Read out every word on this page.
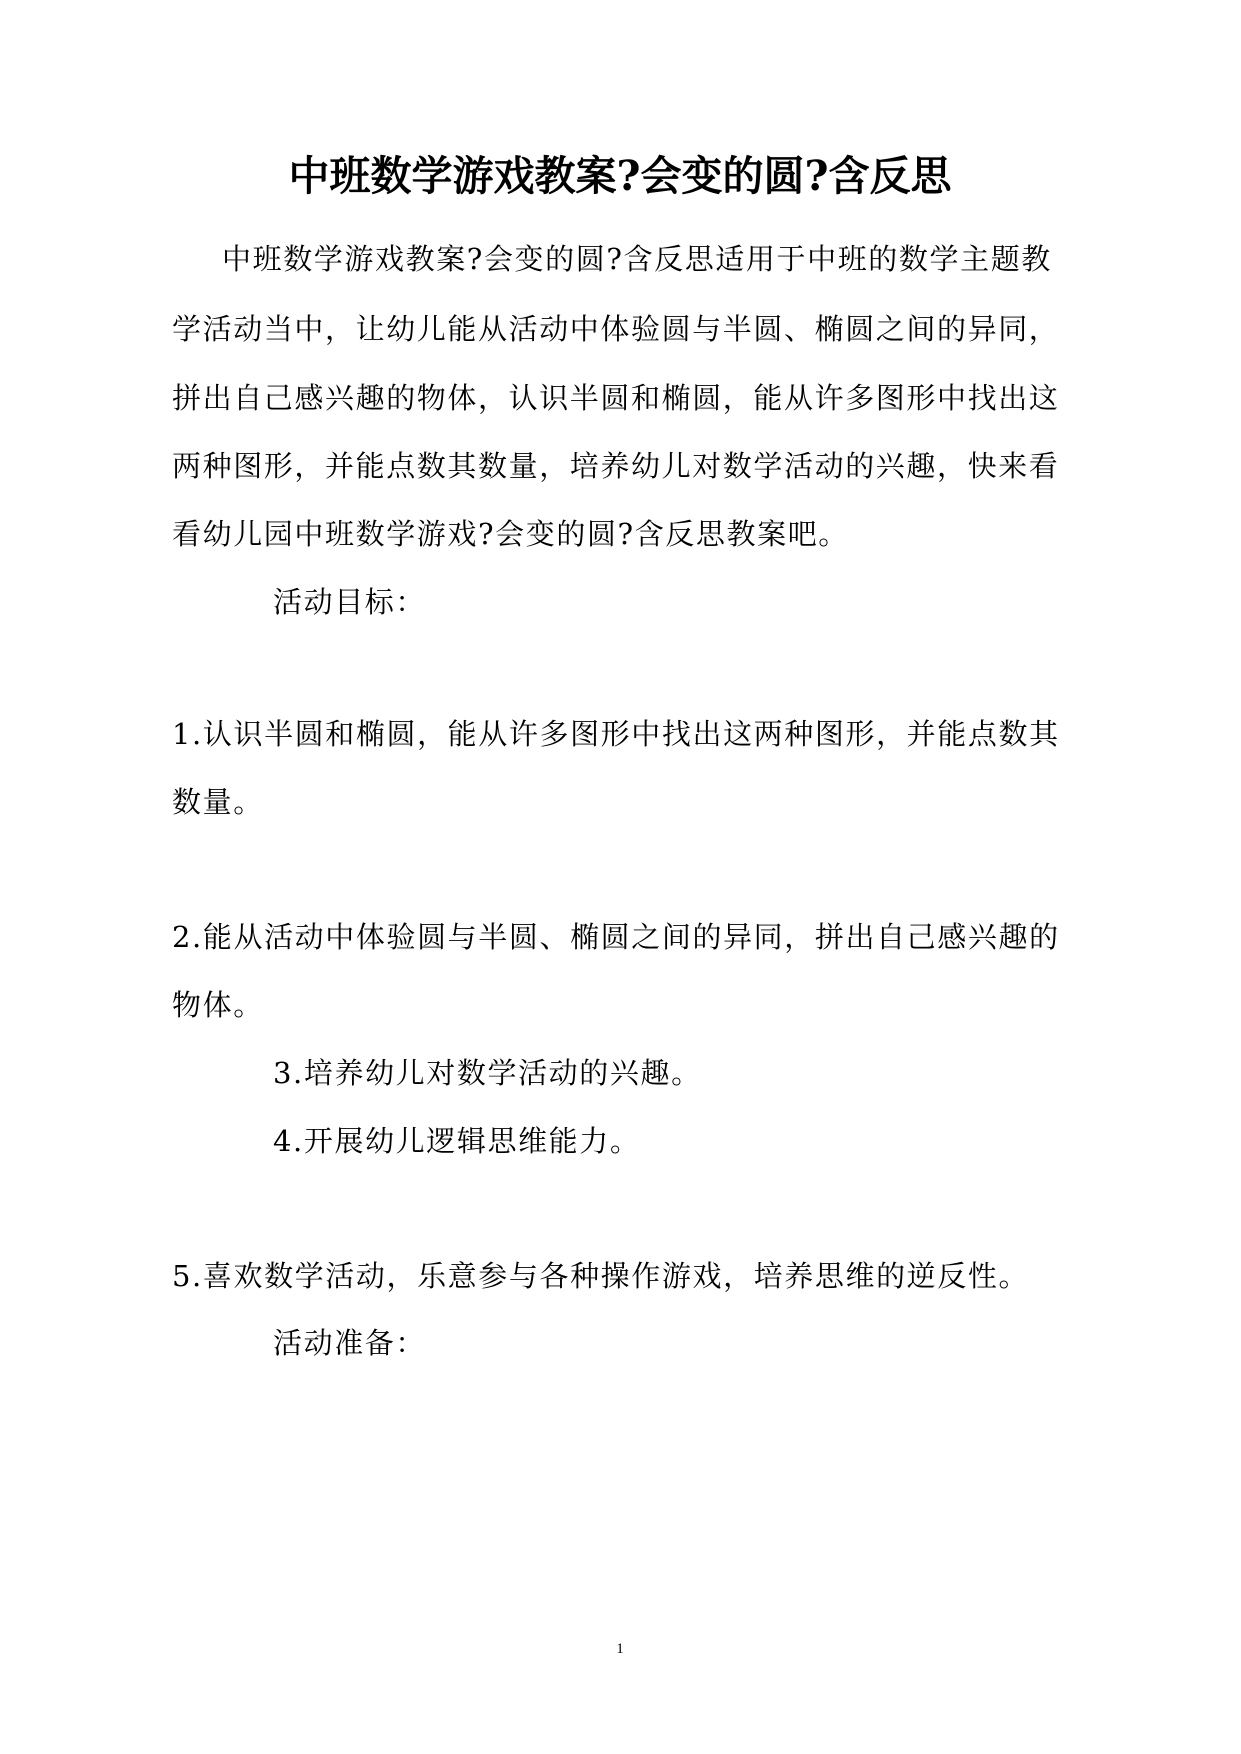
中班数学游戏教案?会变的圆?含反思
中班数学游戏教案?会变的圆?含反思适用于中班的数学主题教
学活动当中，让幼儿能从活动中体验圆与半圆、椭圆之间的异同，
拼出自己感兴趣的物体，认识半圆和椭圆，能从许多图形中找出这
两种图形，并能点数其数量，培养幼儿对数学活动的兴趣，快来看
看幼儿园中班数学游戏?会变的圆?含反思教案吧。
活动目标：
1.认识半圆和椭圆，能从许多图形中找出这两种图形，并能点数其
数量。
2.能从活动中体验圆与半圆、椭圆之间的异同，拼出自己感兴趣的
物体。
3.培养幼儿对数学活动的兴趣。
4.开展幼儿逻辑思维能力。
5.喜欢数学活动，乐意参与各种操作游戏，培养思维的逆反性。
活动准备：
1
